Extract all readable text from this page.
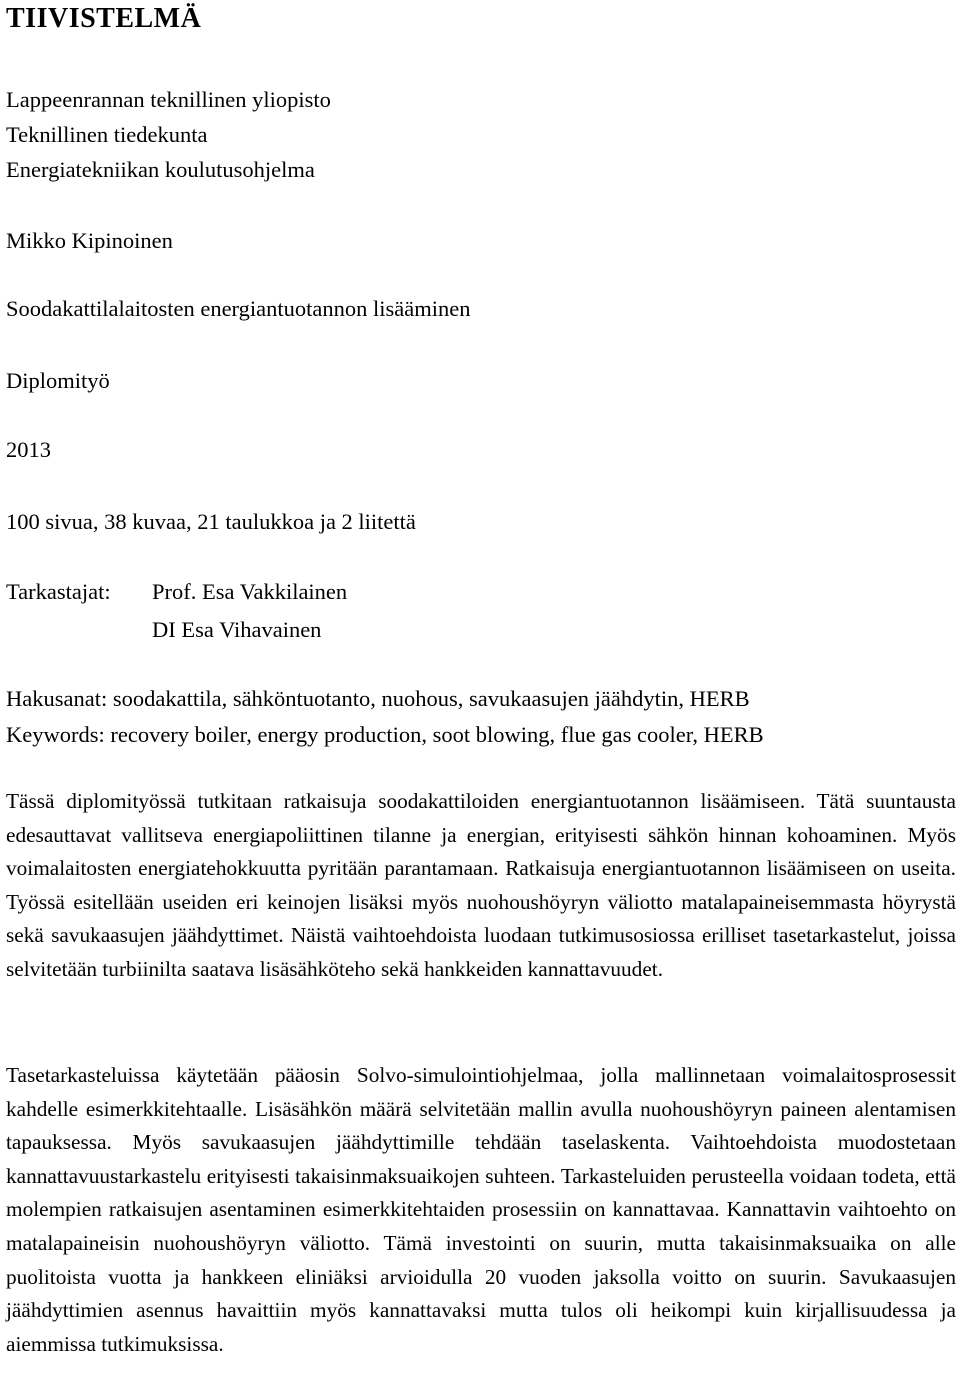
TIIVISTELMÄ
Lappeenrannan teknillinen yliopisto
Teknillinen tiedekunta
Energiatekniikan koulutusohjelma
Mikko Kipinoinen
Soodakattilalaitosten energiantuotannon lisääminen
Diplomityö
2013
100 sivua, 38 kuvaa, 21 taulukkoa ja 2 liitettä
Tarkastajat: Prof. Esa Vakkilainen
DI Esa Vihavainen
Hakusanat: soodakattila, sähköntuotanto, nuohous, savukaasujen jäähdytin, HERB
Keywords: recovery boiler, energy production, soot blowing, flue gas cooler, HERB
Tässä diplomityössä tutkitaan ratkaisuja soodakattiloiden energiantuotannon lisäämiseen. Tätä suuntausta edesauttavat vallitseva energiapoliittinen tilanne ja energian, erityisesti sähkön hinnan kohoaminen. Myös voimalaitosten energiatehokkuutta pyritään parantamaan. Ratkaisuja energiantuotannon lisäämiseen on useita. Työssä esitellään useiden eri keinojen lisäksi myös nuohoushöyryn väliotto matalapaineisemmasta höyrystä sekä savukaasujen jäähdyttimet. Näistä vaihtoehdoista luodaan tutkimusosiossa erilliset tasetarkastelut, joissa selvitetään turbiinilta saatava lisäsähköteho sekä hankkeiden kannattavuudet.
Tasetarkasteluissa käytetään pääosin Solvo-simulointiohjelmaa, jolla mallinnetaan voimalaitosprosessit kahdelle esimerkkitehtaalle. Lisäsähkön määrä selvitetään mallin avulla nuohoushöyryn paineen alentamisen tapauksessa. Myös savukaasujen jäähdyttimille tehdään taselaskenta. Vaihtoehdoista muodostetaan kannattavuustarkastelu erityisesti takaisinmaksuaikojen suhteen. Tarkasteluiden perusteella voidaan todeta, että molempien ratkaisujen asentaminen esimerkkitehtaiden prosessiin on kannattavaa. Kannattavin vaihtoehto on matalapaineisin nuohoushöyryn väliotto. Tämä investointi on suurin, mutta takaisinmaksuaika on alle puolitoista vuotta ja hankkeen eliniäksi arvioidulla 20 vuoden jaksolla voitto on suurin. Savukaasujen jäähdyttimien asennus havaittiin myös kannattavaksi mutta tulos oli heikompi kuin kirjallisuudessa ja aiemmissa tutkimuksissa.
